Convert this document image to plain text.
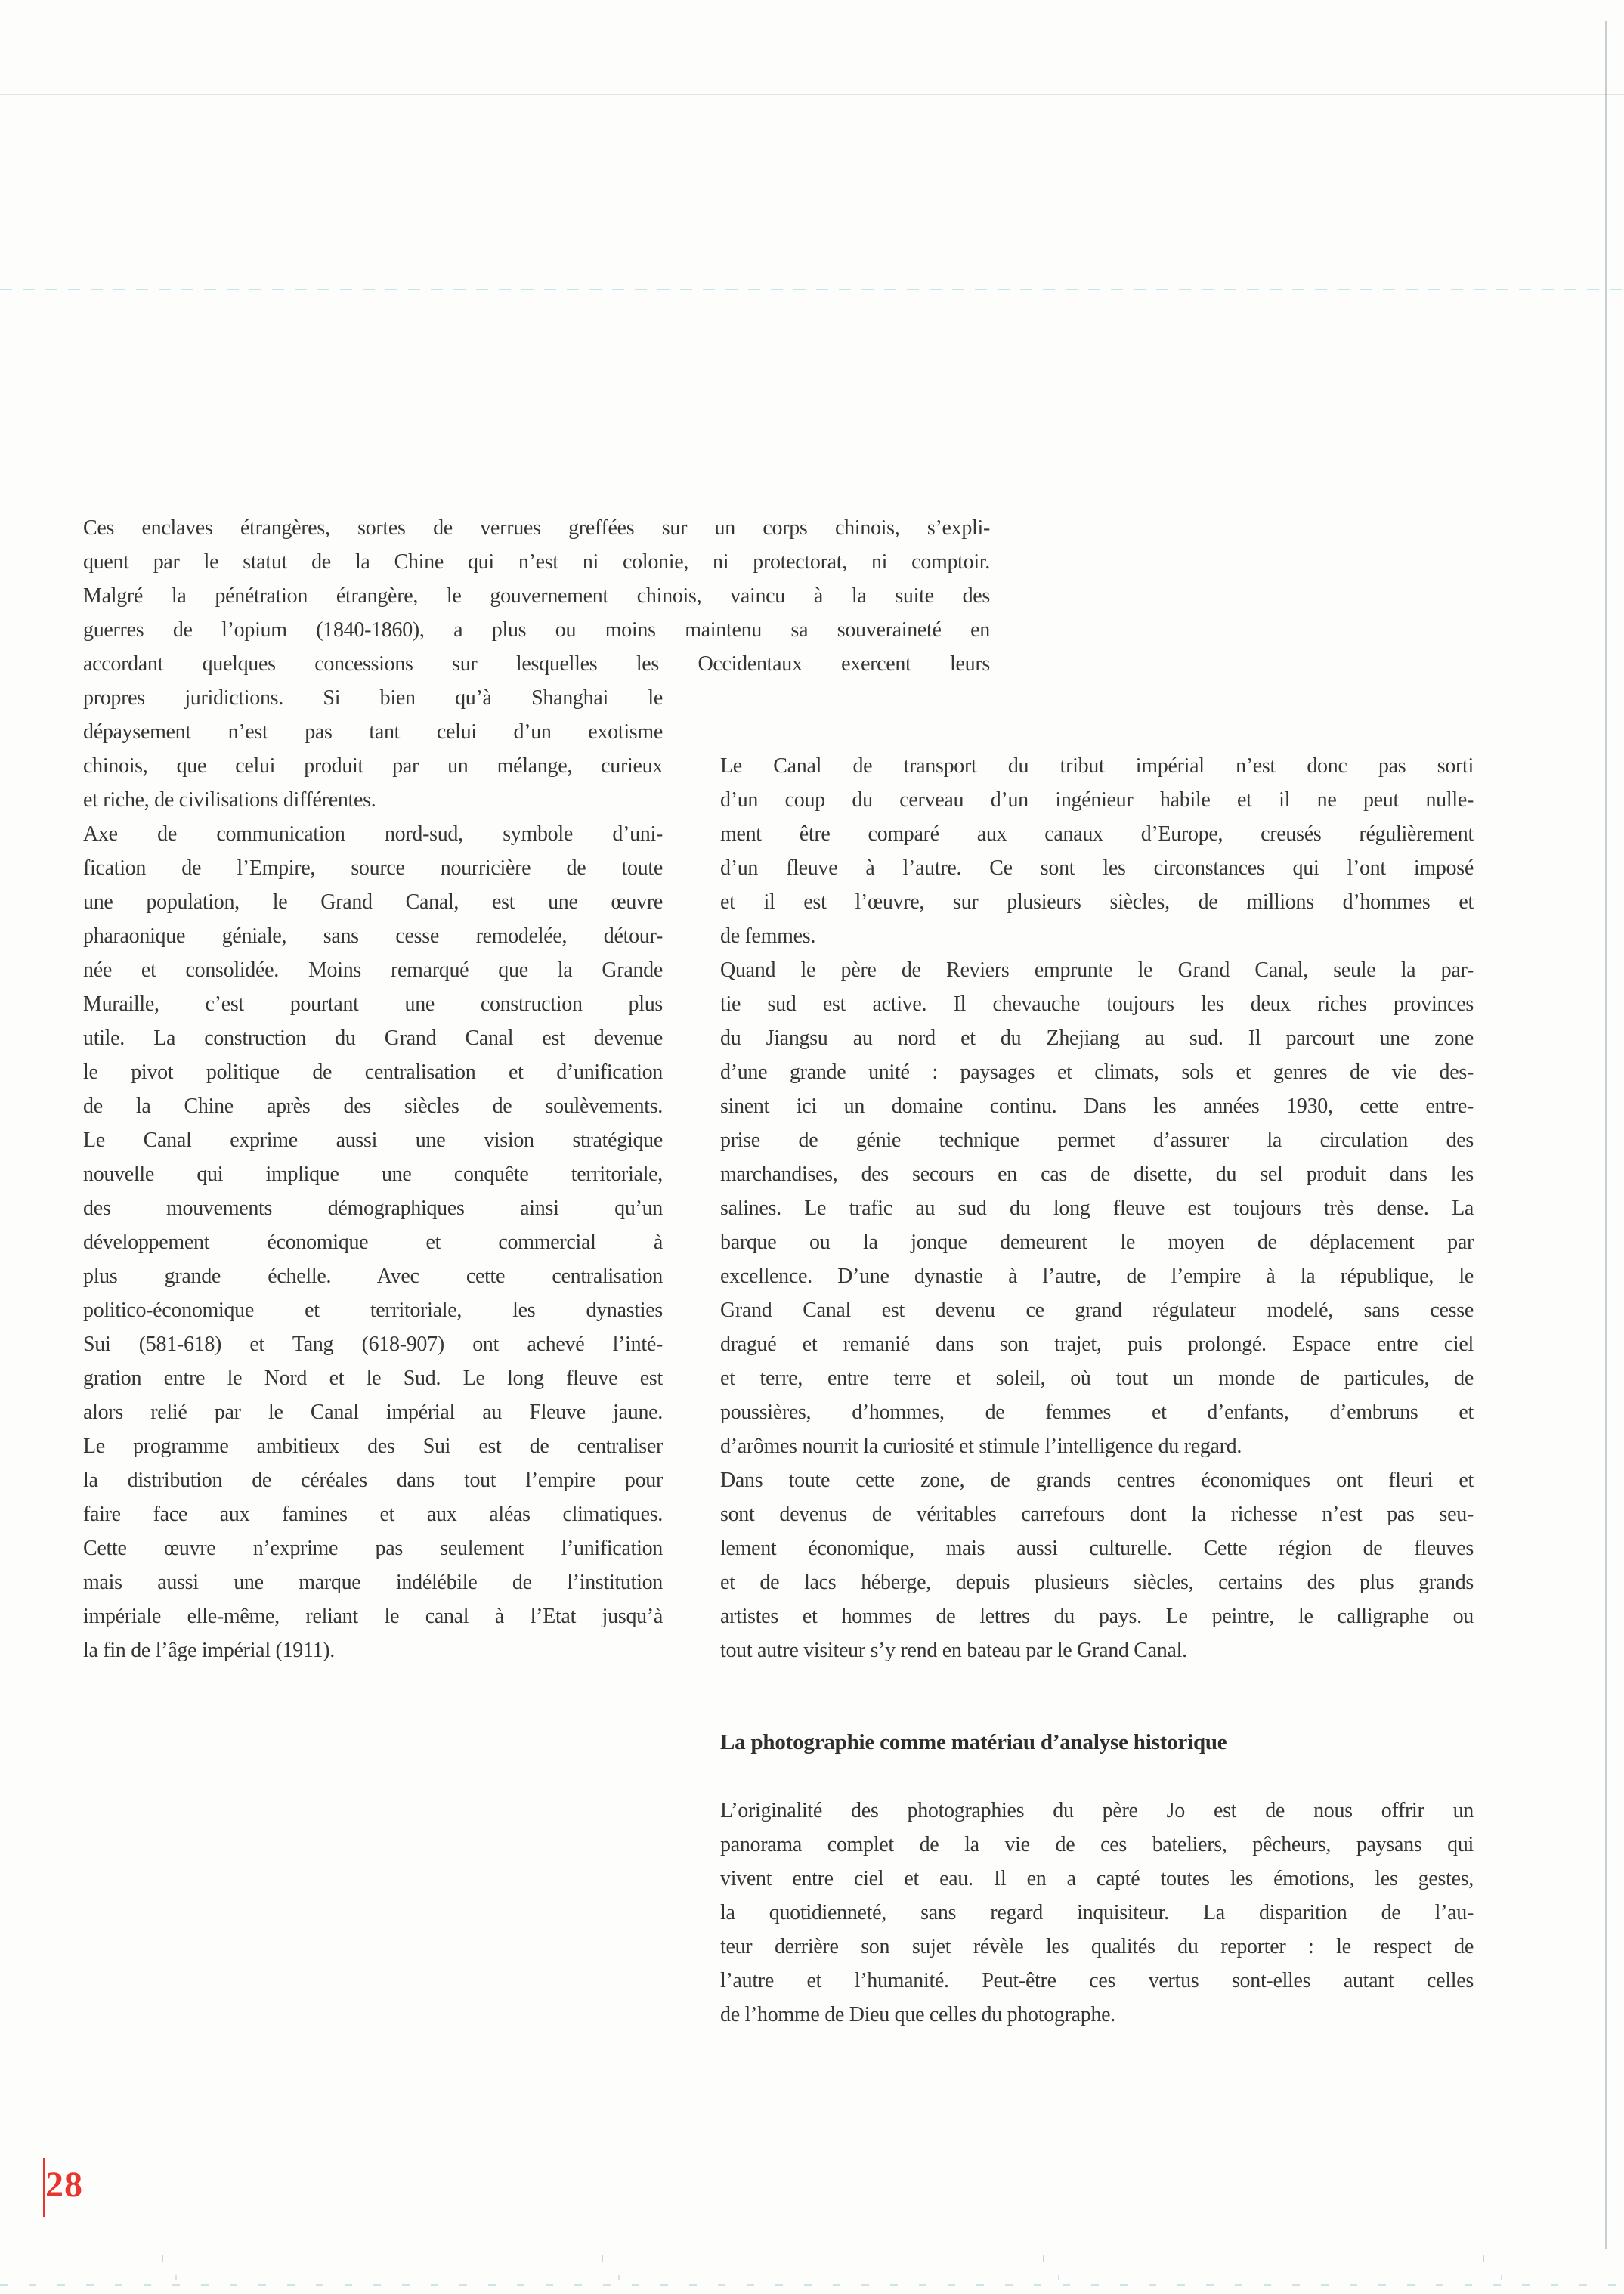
Ces enclaves étrangères, sortes de verrues greffées sur un corps chinois, s’expli-
quent par le statut de la Chine qui n’est ni colonie, ni protectorat, ni comptoir.
Malgré la pénétration étrangère, le gouvernement chinois, vaincu à la suite des
guerres de l’opium (1840-1860), a plus ou moins maintenu sa souveraineté en
accordant quelques concessions sur lesquelles les Occidentaux exercent leurs
propres juridictions. Si bien qu’à Shanghai le
dépaysement n’est pas tant celui d’un exotisme
chinois, que celui produit par un mélange, curieux
et riche, de civilisations différentes.
Axe de communication nord-sud, symbole d’uni-
fication de l’Empire, source nourricière de toute
une population, le Grand Canal, est une œuvre
pharaonique géniale, sans cesse remodelée, détour-
née et consolidée. Moins remarqué que la Grande
Muraille, c’est pourtant une construction plus
utile. La construction du Grand Canal est devenue
le pivot politique de centralisation et d’unification
de la Chine après des siècles de soulèvements.
Le Canal exprime aussi une vision stratégique
nouvelle qui implique une conquête territoriale,
des mouvements démographiques ainsi qu’un
développement économique et commercial à
plus grande échelle. Avec cette centralisation
politico-économique et territoriale, les dynasties
Sui (581-618) et Tang (618-907) ont achevé l’inté-
gration entre le Nord et le Sud. Le long fleuve est
alors relié par le Canal impérial au Fleuve jaune.
Le programme ambitieux des Sui est de centraliser
la distribution de céréales dans tout l’empire pour
faire face aux famines et aux aléas climatiques.
Cette œuvre n’exprime pas seulement l’unification
mais aussi une marque indélébile de l’institution
impériale elle-même, reliant le canal à l’Etat jusqu’à
la fin de l’âge impérial (1911).
Le Canal de transport du tribut impérial n’est donc pas sorti
d’un coup du cerveau d’un ingénieur habile et il ne peut nulle-
ment être comparé aux canaux d’Europe, creusés régulièrement
d’un fleuve à l’autre. Ce sont les circonstances qui l’ont imposé
et il est l’œuvre, sur plusieurs siècles, de millions d’hommes et
de femmes.
Quand le père de Reviers emprunte le Grand Canal, seule la par-
tie sud est active. Il chevauche toujours les deux riches provinces
du Jiangsu au nord et du Zhejiang au sud. Il parcourt une zone
d’une grande unité : paysages et climats, sols et genres de vie des-
sinent ici un domaine continu. Dans les années 1930, cette entre-
prise de génie technique permet d’assurer la circulation des
marchandises, des secours en cas de disette, du sel produit dans les
salines. Le trafic au sud du long fleuve est toujours très dense. La
barque ou la jonque demeurent le moyen de déplacement par
excellence. D’une dynastie à l’autre, de l’empire à la république, le
Grand Canal est devenu ce grand régulateur modelé, sans cesse
dragué et remanié dans son trajet, puis prolongé. Espace entre ciel
et terre, entre terre et soleil, où tout un monde de particules, de
poussières, d’hommes, de femmes et d’enfants, d’embruns et
d’arômes nourrit la curiosité et stimule l’intelligence du regard.
Dans toute cette zone, de grands centres économiques ont fleuri et
sont devenus de véritables carrefours dont la richesse n’est pas seu-
lement économique, mais aussi culturelle. Cette région de fleuves
et de lacs héberge, depuis plusieurs siècles, certains des plus grands
artistes et hommes de lettres du pays. Le peintre, le calligraphe ou
tout autre visiteur s’y rend en bateau par le Grand Canal.
La photographie comme matériau d’analyse historique
L’originalité des photographies du père Jo est de nous offrir un
panorama complet de la vie de ces bateliers, pêcheurs, paysans qui
vivent entre ciel et eau. Il en a capté toutes les émotions, les gestes,
la quotidienneté, sans regard inquisiteur. La disparition de l’au-
teur derrière son sujet révèle les qualités du reporter : le respect de
l’autre et l’humanité. Peut-être ces vertus sont-elles autant celles
de l’homme de Dieu que celles du photographe.
28
